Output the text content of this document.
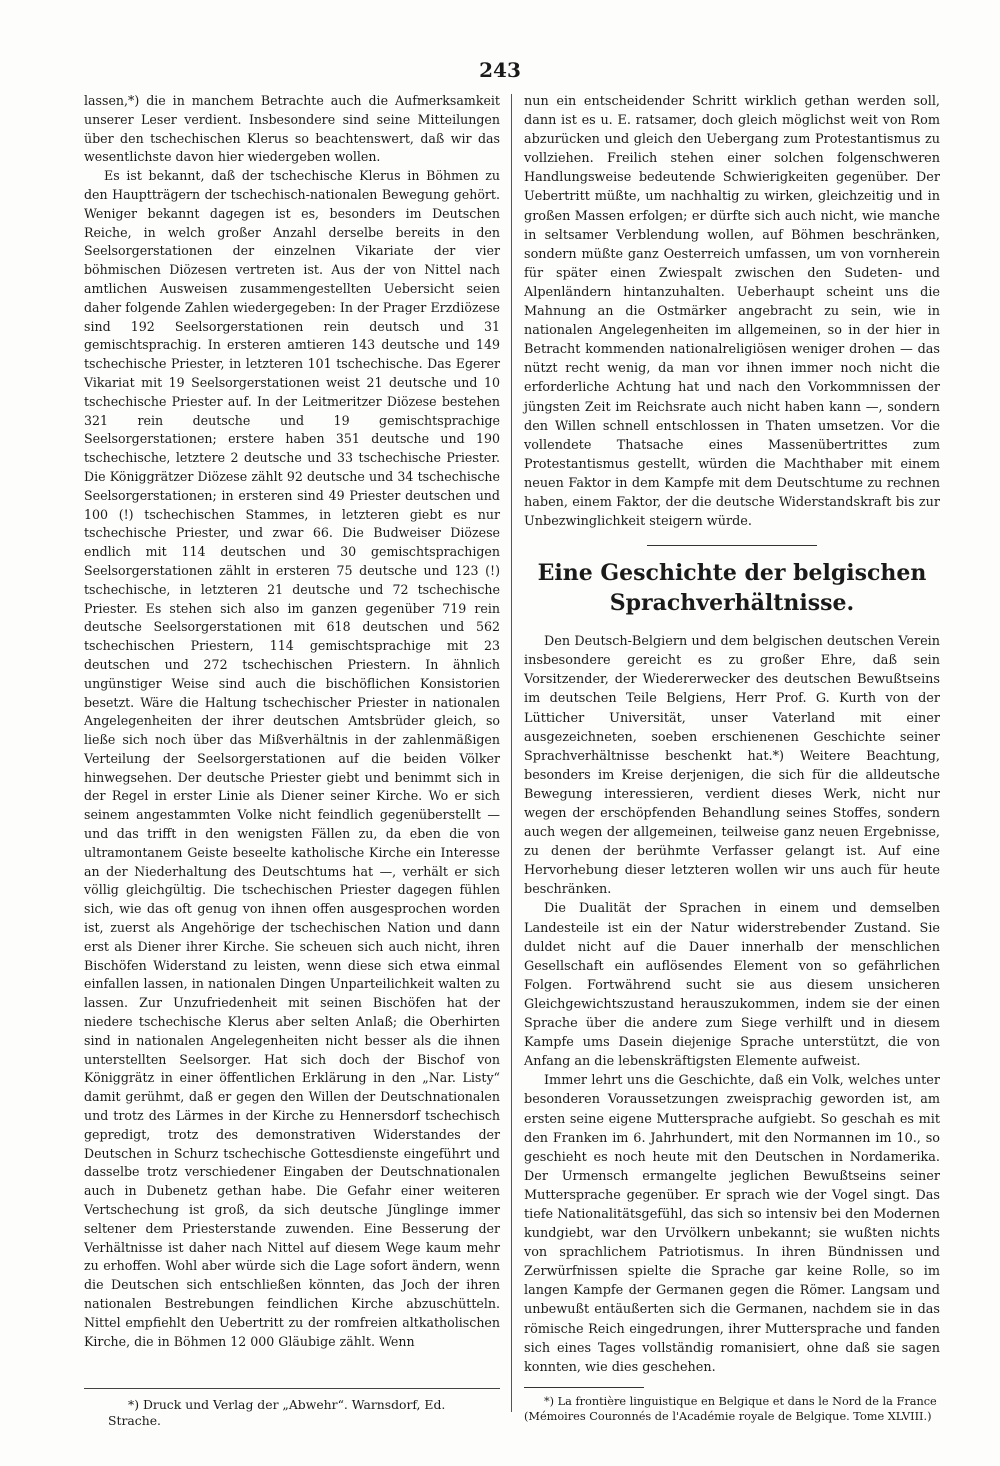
243

lassen,*) die in manchem Betrachte auch die Aufmerksamkeit unserer Leser verdient. Insbesondere sind seine Mitteilungen über den tschechischen Klerus so beachtenswert, daß wir das wesentlichste davon hier wiedergeben wollen.

Es ist bekannt, daß der tschechische Klerus in Böhmen zu den Hauptträgern der tschechisch-nationalen Bewegung gehört. Weniger bekannt dagegen ist es, besonders im Deutschen Reiche, in welch großer Anzahl derselbe bereits in den Seelsorgerstationen der einzelnen Vikariate der vier böhmischen Diözesen vertreten ist. Aus der von Nittel nach amtlichen Ausweisen zusammengestellten Uebersicht seien daher folgende Zahlen wiedergegeben: In der Prager Erzdiözese sind 192 Seelsorgerstationen rein deutsch und 31 gemischtsprachig. In ersteren amtieren 143 deutsche und 149 tschechische Priester, in letzteren 101 tschechische. Das Egerer Vikariat mit 19 Seelsorgerstationen weist 21 deutsche und 10 tschechische Priester auf. In der Leitmeritzer Diözese bestehen 321 rein deutsche und 19 gemischtsprachige Seelsorgerstationen; erstere haben 351 deutsche und 190 tschechische, letztere 2 deutsche und 33 tschechische Priester. Die Königgrätzer Diözese zählt 92 deutsche und 34 tschechische Seelsorgerstationen; in ersteren sind 49 Priester deutschen und 100 (!) tschechischen Stammes, in letzteren giebt es nur tschechische Priester, und zwar 66. Die Budweiser Diözese endlich mit 114 deutschen und 30 gemischtsprachigen Seelsorgerstationen zählt in ersteren 75 deutsche und 123 (!) tschechische, in letzteren 21 deutsche und 72 tschechische Priester. Es stehen sich also im ganzen gegenüber 719 rein deutsche Seelsorgerstationen mit 618 deutschen und 562 tschechischen Priestern, 114 gemischtsprachige mit 23 deutschen und 272 tschechischen Priestern. In ähnlich ungünstiger Weise sind auch die bischöflichen Konsistorien besetzt. Wäre die Haltung tschechischer Priester in nationalen Angelegenheiten der ihrer deutschen Amtsbrüder gleich, so ließe sich noch über das Mißverhältnis in der zahlenmäßigen Verteilung der Seelsorgerstationen auf die beiden Völker hinwegsehen. Der deutsche Priester giebt und benimmt sich in der Regel in erster Linie als Diener seiner Kirche. Wo er sich seinem angestammten Volke nicht feindlich gegenüberstellt — und das trifft in den wenigsten Fällen zu, da eben die von ultramontanem Geiste beseelte katholische Kirche ein Interesse an der Niederhaltung des Deutschtums hat —, verhält er sich völlig gleichgültig. Die tschechischen Priester dagegen fühlen sich, wie das oft genug von ihnen offen ausgesprochen worden ist, zuerst als Angehörige der tschechischen Nation und dann erst als Diener ihrer Kirche. Sie scheuen sich auch nicht, ihren Bischöfen Widerstand zu leisten, wenn diese sich etwa einmal einfallen lassen, in nationalen Dingen Unparteilichkeit walten zu lassen. Zur Unzufriedenheit mit seinen Bischöfen hat der niedere tschechische Klerus aber selten Anlaß; die Oberhirten sind in nationalen Angelegenheiten nicht besser als die ihnen unterstellten Seelsorger. Hat sich doch der Bischof von Königgrätz in einer öffentlichen Erklärung in den „Nar. Listy“ damit gerühmt, daß er gegen den Willen der Deutschnationalen und trotz des Lärmes in der Kirche zu Hennersdorf tschechisch gepredigt, trotz des demonstrativen Widerstandes der Deutschen in Schurz tschechische Gottesdienste eingeführt und dasselbe trotz verschiedener Eingaben der Deutschnationalen auch in Dubenetz gethan habe. Die Gefahr einer weiteren Vertschechung ist groß, da sich deutsche Jünglinge immer seltener dem Priesterstande zuwenden. Eine Besserung der Verhältnisse ist daher nach Nittel auf diesem Wege kaum mehr zu erhoffen. Wohl aber würde sich die Lage sofort ändern, wenn die Deutschen sich entschließen könnten, das Joch der ihren nationalen Bestrebungen feindlichen Kirche abzuschütteln. Nittel empfiehlt den Uebertritt zu der romfreien altkatholischen Kirche, die in Böhmen 12 000 Gläubige zählt. Wenn

nun ein entscheidender Schritt wirklich gethan werden soll, dann ist es u. E. ratsamer, doch gleich möglichst weit von Rom abzurücken und gleich den Uebergang zum Protestantismus zu vollziehen. Freilich stehen einer solchen folgenschweren Handlungsweise bedeutende Schwierigkeiten gegenüber. Der Uebertritt müßte, um nachhaltig zu wirken, gleichzeitig und in großen Massen erfolgen; er dürfte sich auch nicht, wie manche in seltsamer Verblendung wollen, auf Böhmen beschränken, sondern müßte ganz Oesterreich umfassen, um von vornherein für später einen Zwiespalt zwischen den Sudeten- und Alpenländern hintanzuhalten. Ueberhaupt scheint uns die Mahnung an die Ostmärker angebracht zu sein, wie in nationalen Angelegenheiten im allgemeinen, so in der hier in Betracht kommenden nationalreligiösen weniger drohen — das nützt recht wenig, da man vor ihnen immer noch nicht die erforderliche Achtung hat und nach den Vorkommnissen der jüngsten Zeit im Reichsrate auch nicht haben kann —, sondern den Willen schnell entschlossen in Thaten umsetzen. Vor die vollendete Thatsache eines Massenübertrittes zum Protestantismus gestellt, würden die Machthaber mit einem neuen Faktor in dem Kampfe mit dem Deutschtume zu rechnen haben, einem Faktor, der die deutsche Widerstandskraft bis zur Unbezwinglichkeit steigern würde.

Eine Geschichte der belgischen
Sprachverhältnisse.

Den Deutsch-Belgiern und dem belgischen deutschen Verein insbesondere gereicht es zu großer Ehre, daß sein Vorsitzender, der Wiedererwecker des deutschen Bewußtseins im deutschen Teile Belgiens, Herr Prof. G. Kurth von der Lütticher Universität, unser Vaterland mit einer ausgezeichneten, soeben erschienenen Geschichte seiner Sprachverhältnisse beschenkt hat.*) Weitere Beachtung, besonders im Kreise derjenigen, die sich für die alldeutsche Bewegung interessieren, verdient dieses Werk, nicht nur wegen der erschöpfenden Behandlung seines Stoffes, sondern auch wegen der allgemeinen, teilweise ganz neuen Ergebnisse, zu denen der berühmte Verfasser gelangt ist. Auf eine Hervorhebung dieser letzteren wollen wir uns auch für heute beschränken.

Die Dualität der Sprachen in einem und demselben Landesteile ist ein der Natur widerstrebender Zustand. Sie duldet nicht auf die Dauer innerhalb der menschlichen Gesellschaft ein auflösendes Element von so gefährlichen Folgen. Fortwährend sucht sie aus diesem unsicheren Gleichgewichtszustand herauszukommen, indem sie der einen Sprache über die andere zum Siege verhilft und in diesem Kampfe ums Dasein diejenige Sprache unterstützt, die von Anfang an die lebenskräftigsten Elemente aufweist.

Immer lehrt uns die Geschichte, daß ein Volk, welches unter besonderen Voraussetzungen zweisprachig geworden ist, am ersten seine eigene Muttersprache aufgiebt. So geschah es mit den Franken im 6. Jahrhundert, mit den Normannen im 10., so geschieht es noch heute mit den Deutschen in Nordamerika. Der Urmensch ermangelte jeglichen Bewußtseins seiner Muttersprache gegenüber. Er sprach wie der Vogel singt. Das tiefe Nationalitätsgefühl, das sich so intensiv bei den Modernen kundgiebt, war den Urvölkern unbekannt; sie wußten nichts von sprachlichem Patriotismus. In ihren Bündnissen und Zerwürfnissen spielte die Sprache gar keine Rolle, so im langen Kampfe der Germanen gegen die Römer. Langsam und unbewußt entäußerten sich die Germanen, nachdem sie in das römische Reich eingedrungen, ihrer Muttersprache und fanden sich eines Tages vollständig romanisiert, ohne daß sie sagen konnten, wie dies geschehen.

*) La frontière linguistique en Belgique et dans le Nord de la France (Mémoires Couronnés de l'Académie royale de Belgique. Tome XLVIII.)

*) Druck und Verlag der „Abwehr“. Warnsdorf, Ed. Strache.
